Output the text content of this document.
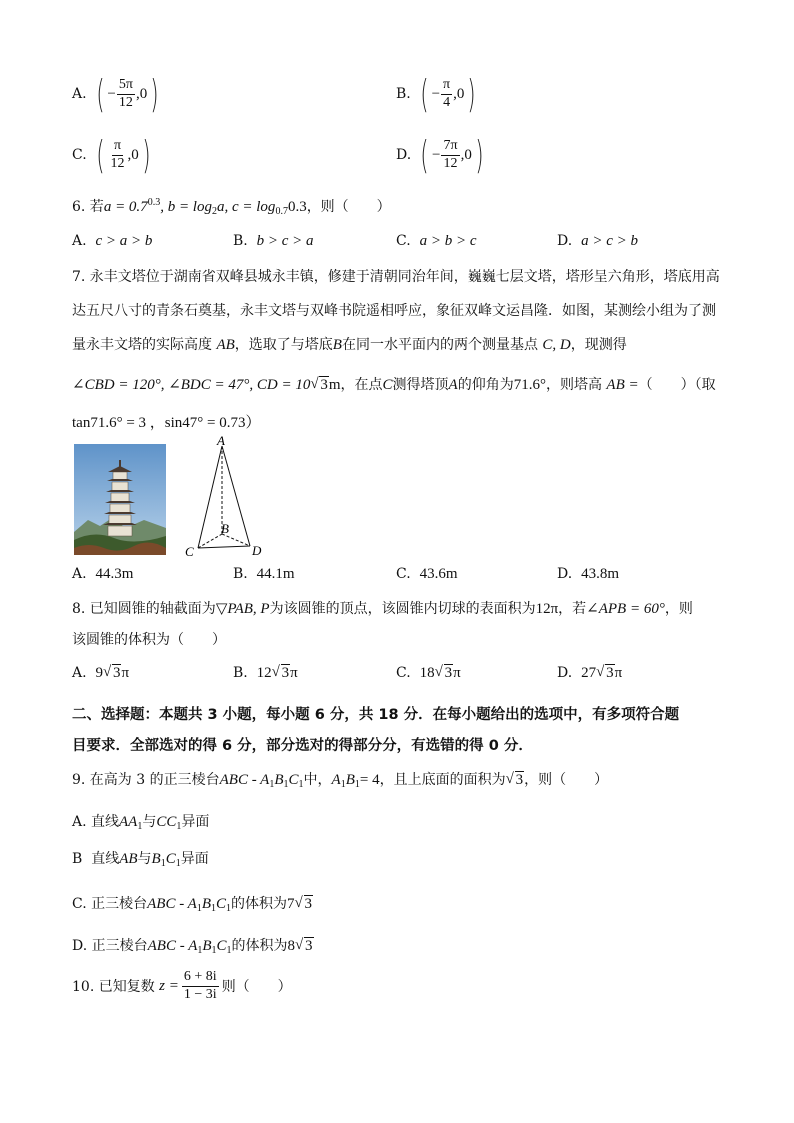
A. ( − $\frac{5\pi}{12} ,0$ )	B. ( − $\frac{\pi}{4} ,0$ )
C. ( $\frac{\pi}{12} ,0$ )	D. ( − $\frac{7\pi}{12} ,0$ )
6. 若$a = 0.7^{0.3}$, $b = \log_2a$, $c = \log_{0.7}0.3$，则（　　）
A. c > a > b	B. b > c > a	C. a > b > c	D. a > c > b
7. 永丰文塔位于湖南省双峰县城永丰镇，修建于清朝同治年间，巍巍七层文塔，塔形呈六角形，塔底用高
达五尺八寸的青条石奠基，永丰文塔与双峰书院遥相呼应，象征双峰文运昌隆．如图，某测绘小组为了测
量永丰文塔的实际高度 AB，选取了与塔底B在同一水平面内的两个测量基点 C, D，现测得
∠CBD = 120°, ∠BDC = 47°, CD = 10 √ 3m，在点C测得塔顶A的仰角为71.6°，则塔高 AB =（　　）（取
tan71.6° = 3 ，sin47° = 0.73）
A
B
C	D
A. 44.3m	B. 44.1m	C. 43.6m	D. 43.8m
8. 已知圆锥的轴截面为▽PAB, P为该圆锥的顶点，该圆锥内切球的表面积为12π，若∠APB = 60°，则
该圆锥的体积为（　　）
A. 9 √ 3π	B. 12 √ 3π	C. 18 √ 3π	D. 27 √ 3π
二、选择题：本题共 3 小题，每小题 6 分，共 18 分．在每小题给出的选项中，有多项符合题
目要求．全部选对的得 6 分，部分选对的得部分分，有选错的得 0 分．
9. 在高为 3 的正三棱台ABC - $A_1B_1C_1$中，$A_1B_1= 4$，且上底面的面积为 √ 3，则（　　）
A. 直线$AA_1$与$CC_1$异面
B 直线AB与$B_1C_1$异面
C. 正三棱台ABC - $A_1B_1C_1$的体积为7 √ 3
D. 正三棱台ABC - $A_1B_1C_1$的体积为8 √ 3
10. 已知复数
$z = \frac{6 + 8i}{1 - 3i}$ 则（　　）
